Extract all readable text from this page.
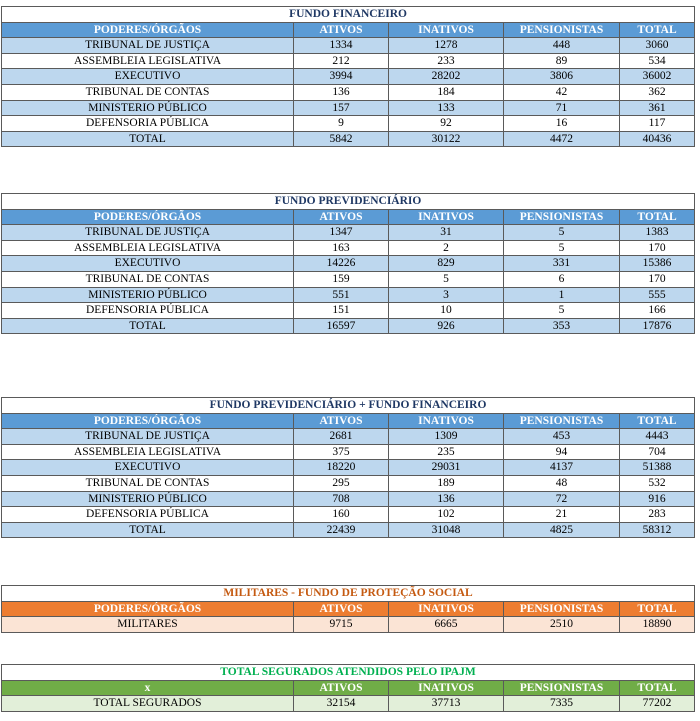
FUNDO FINANCEIRO				
PODERES/ÓRGÃOS	ATIVOS	INATIVOS	PENSIONISTAS	TOTAL
TRIBUNAL DE JUSTIÇA	1334	1278	448	3060
ASSEMBLEIA LEGISLATIVA	212	233	89	534
EXECUTIVO	3994	28202	3806	36002
TRIBUNAL DE CONTAS	136	184	42	362
MINISTERIO PÚBLICO	157	133	71	361
DEFENSORIA PÚBLICA	9	92	16	117
TOTAL	5842	30122	4472	40436
FUNDO PREVIDENCIÁRIO				
PODERES/ÓRGÃOS	ATIVOS	INATIVOS	PENSIONISTAS	TOTAL
TRIBUNAL DE JUSTIÇA	1347	31	5	1383
ASSEMBLEIA LEGISLATIVA	163	2	5	170
EXECUTIVO	14226	829	331	15386
TRIBUNAL DE CONTAS	159	5	6	170
MINISTERIO PÚBLICO	551	3	1	555
DEFENSORIA PÚBLICA	151	10	5	166
TOTAL	16597	926	353	17876
FUNDO PREVIDENCIÁRIO + FUNDO FINANCEIRO				
PODERES/ÓRGÃOS	ATIVOS	INATIVOS	PENSIONISTAS	TOTAL
TRIBUNAL DE JUSTIÇA	2681	1309	453	4443
ASSEMBLEIA LEGISLATIVA	375	235	94	704
EXECUTIVO	18220	29031	4137	51388
TRIBUNAL DE CONTAS	295	189	48	532
MINISTERIO PÚBLICO	708	136	72	916
DEFENSORIA PÚBLICA	160	102	21	283
TOTAL	22439	31048	4825	58312
MILITARES - FUNDO DE PROTEÇÃO SOCIAL				
PODERES/ÓRGÃOS	ATIVOS	INATIVOS	PENSIONISTAS	TOTAL
MILITARES	9715	6665	2510	18890
TOTAL SEGURADOS ATENDIDOS PELO IPAJM				
x	ATIVOS	INATIVOS	PENSIONISTAS	TOTAL
TOTAL SEGURADOS	32154	37713	7335	77202
